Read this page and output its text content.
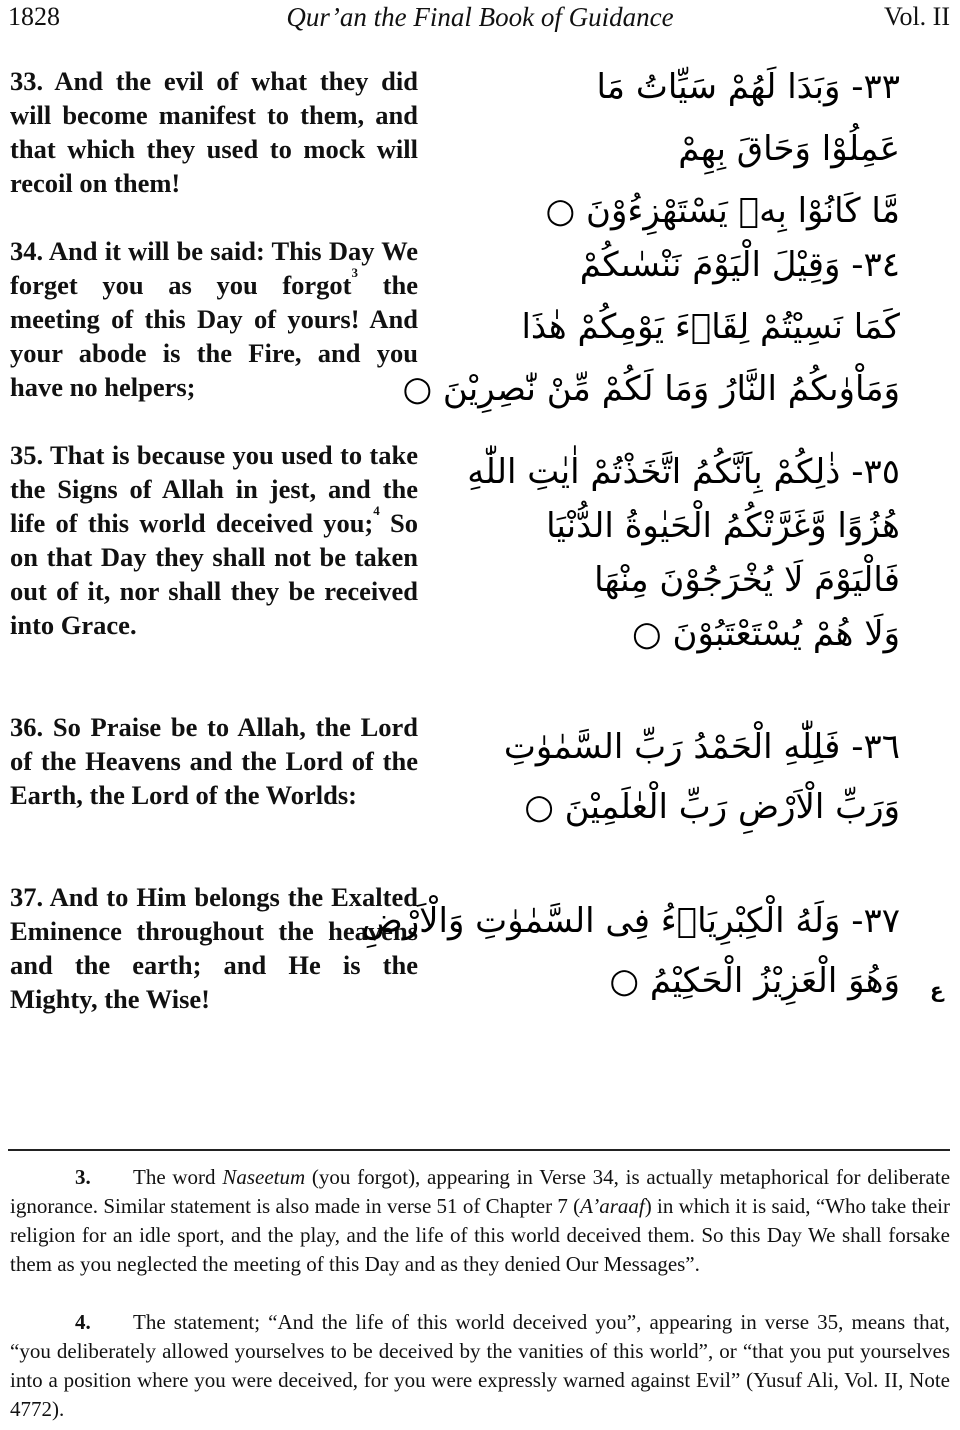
1828	Qur’an the Final Book of Guidance	Vol. II

33. And the evil of what they did will become manifest to them, and that which they used to mock will recoil on them!

٣٣- وَبَدَا لَهُمْ سَيِّاتُ مَا
عَمِلُوْا وَحَاقَ بِهِمْ
مَّا كَانُوْا بِهٖ يَسْتَهْزِءُوْنَ ○

34. And it will be said: This Day We forget you as you forgot$^3$ the meeting of this Day of yours! And your abode is the Fire, and you have no helpers;

٣٤- وَقِيْلَ الْيَوْمَ نَنْسٰىكُمْ
كَمَا نَسِيْتُمْ لِقَاۤءَ يَوْمِكُمْ هٰذَا
وَمَاْوٰىكُمُ النَّارُ وَمَا لَكُمْ مِّنْ نّٰصِرِيْنَ ○

35. That is because you used to take the Signs of Allah in jest, and the life of this world deceived you;$^4$ So on that Day they shall not be taken out of it, nor shall they be received into Grace.

٣٥- ذٰلِكُمْ بِاَنَّكُمُ اتَّخَذْتُمْ اٰيٰتِ اللّٰهِ
هُزُوًا وَّغَرَّتْكُمُ الْحَيٰوةُ الدُّنْيَا
فَالْيَوْمَ لَا يُخْرَجُوْنَ مِنْهَا
وَلَا هُمْ يُسْتَعْتَبُوْنَ ○

36. So Praise be to Allah, the Lord of the Heavens and the Lord of the Earth, the Lord of the Worlds:

٣٦- فَلِلّٰهِ الْحَمْدُ رَبِّ السَّمٰوٰتِ
وَرَبِّ الْاَرْضِ رَبِّ الْعٰلَمِيْنَ ○

37. And to Him belongs the Exalted Eminence throughout the heavens and the earth; and He is the Mighty, the Wise!

٣٧- وَلَهُ الْكِبْرِيَاۤءُ فِى السَّمٰوٰتِ وَالْاَرْضِ
وَهُوَ الْعَزِيْزُ الْحَكِيْمُ ○ ع

3. The word Naseetum (you forgot), appearing in Verse 34, is actually metaphorical for deliberate ignorance. Similar statement is also made in verse 51 of Chapter 7 (A’araaf) in which it is said, “Who take their religion for an idle sport, and the play, and the life of this world deceived them. So this Day We shall forsake them as you neglected the meeting of this Day and as they denied Our Messages”.

4. The statement; “And the life of this world deceived you”, appearing in verse 35, means that, “you deliberately allowed yourselves to be deceived by the vanities of this world”, or “that you put yourselves into a position where you were deceived, for you were expressly warned against Evil” (Yusuf Ali, Vol. II, Note 4772).
